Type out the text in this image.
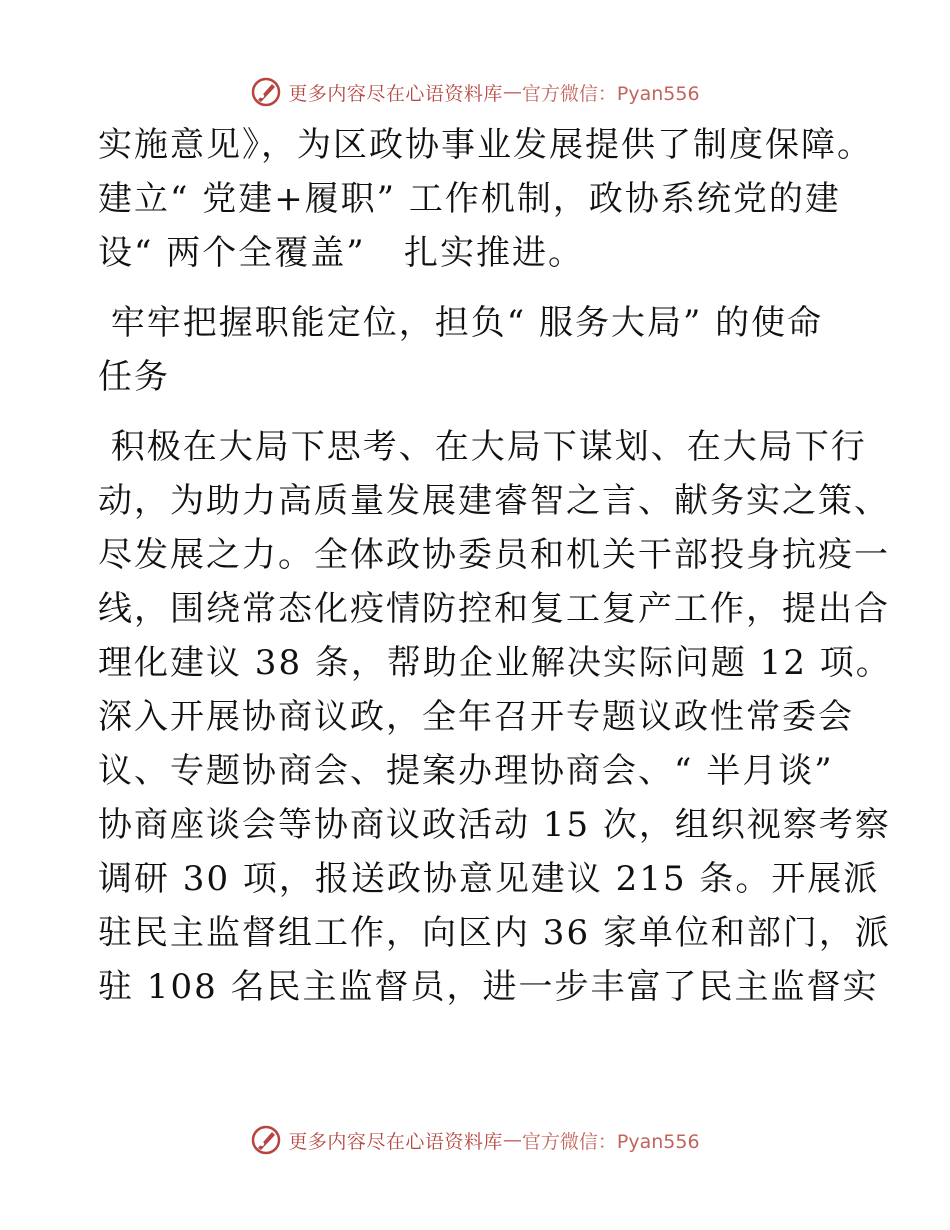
更多内容尽在心语资料库 — 官方微信：Pyan556
实施意见》，为区政协事业发展提供了制度保障。
建立“ 党建+履职” 工作机制，政协系统党的建
设“ 两个全覆盖”   扎实推进。
牢牢把握职能定位，担负“ 服务大局” 的使命
任务
积极在大局下思考、在大局下谋划、在大局下行
动，为助力高质量发展建睿智之言、献务实之策、
尽发展之力。全体政协委员和机关干部投身抗疫一
线，围绕常态化疫情防控和复工复产工作，提出合
理化建议 38 条，帮助企业解决实际问题 12 项。
深入开展协商议政，全年召开专题议政性常委会
议、专题协商会、提案办理协商会、“ 半月谈”
协商座谈会等协商议政活动 15 次，组织视察考察
调研 30 项，报送政协意见建议 215 条。开展派
驻民主监督组工作，向区内 36 家单位和部门，派
驻 108 名民主监督员，进一步丰富了民主监督实
更多内容尽在心语资料库 — 官方微信：Pyan556
